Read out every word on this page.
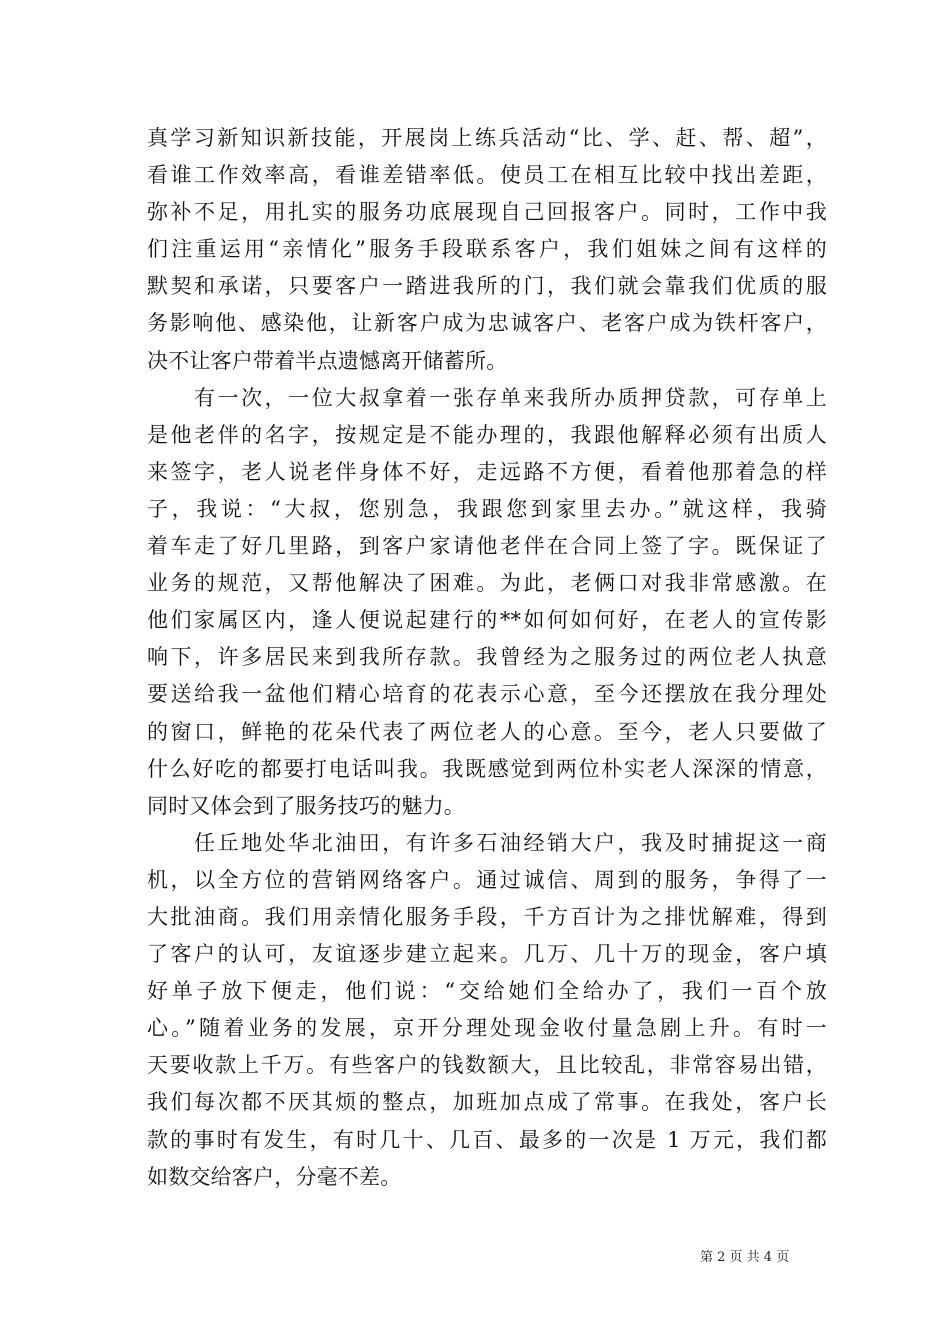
真学习新知识新技能，开展岗上练兵活动“比、学、赶、帮、超”，
看谁工作效率高，看谁差错率低。使员工在相互比较中找出差距，
弥补不足，用扎实的服务功底展现自己回报客户。同时，工作中我
们注重运用“亲情化”服务手段联系客户，我们姐妹之间有这样的
默契和承诺，只要客户一踏进我所的门，我们就会靠我们优质的服
务影响他、感染他，让新客户成为忠诚客户、老客户成为铁杆客户，
决不让客户带着半点遗憾离开储蓄所。
　　有一次，一位大叔拿着一张存单来我所办质押贷款，可存单上
是他老伴的名字，按规定是不能办理的，我跟他解释必须有出质人
来签字，老人说老伴身体不好，走远路不方便，看着他那着急的样
子，我说：“大叔，您别急，我跟您到家里去办。”就这样，我骑
着车走了好几里路，到客户家请他老伴在合同上签了字。既保证了
业务的规范，又帮他解决了困难。为此，老俩口对我非常感激。在
他们家属区内，逢人便说起建行的**如何如何好，在老人的宣传影
响下，许多居民来到我所存款。我曾经为之服务过的两位老人执意
要送给我一盆他们精心培育的花表示心意，至今还摆放在我分理处
的窗口，鲜艳的花朵代表了两位老人的心意。至今，老人只要做了
什么好吃的都要打电话叫我。我既感觉到两位朴实老人深深的情意，
同时又体会到了服务技巧的魅力。
　　任丘地处华北油田，有许多石油经销大户，我及时捕捉这一商
机，以全方位的营销网络客户。通过诚信、周到的服务，争得了一
大批油商。我们用亲情化服务手段，千方百计为之排忧解难，得到
了客户的认可，友谊逐步建立起来。几万、几十万的现金，客户填
好单子放下便走，他们说：“交给她们全给办了，我们一百个放
心。”随着业务的发展，京开分理处现金收付量急剧上升。有时一
天要收款上千万。有些客户的钱数额大，且比较乱，非常容易出错，
我们每次都不厌其烦的整点，加班加点成了常事。在我处，客户长
款的事时有发生，有时几十、几百、最多的一次是 1 万元，我们都
如数交给客户，分毫不差。
第 2 页 共 4 页
